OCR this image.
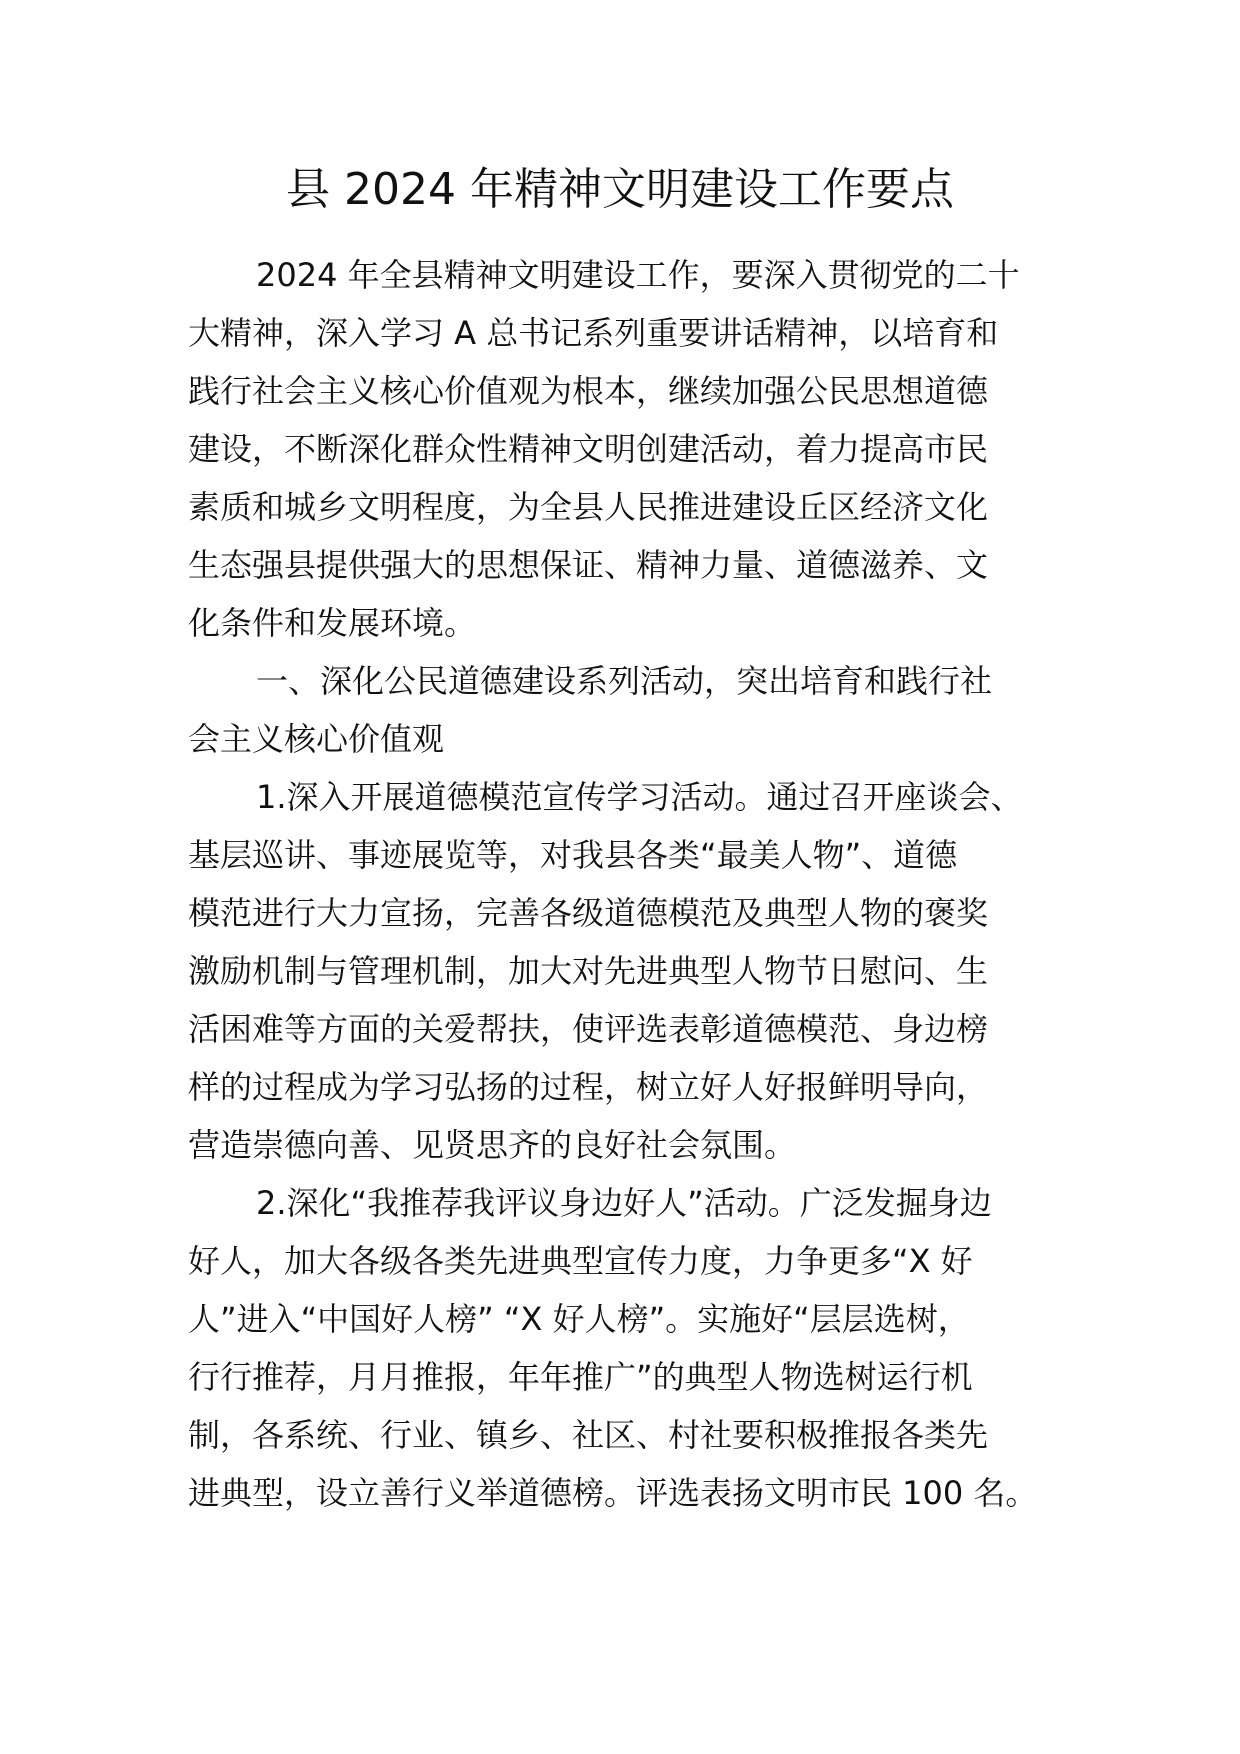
县 2024 年精神文明建设工作要点
2024 年全县精神文明建设工作，要深入贯彻党的二十
大精神，深入学习 A 总书记系列重要讲话精神，以培育和
践行社会主义核心价值观为根本，继续加强公民思想道德
建设，不断深化群众性精神文明创建活动，着力提高市民
素质和城乡文明程度，为全县人民推进建设丘区经济文化
生态强县提供强大的思想保证、精神力量、道德滋养、文
化条件和发展环境。
一、深化公民道德建设系列活动，突出培育和践行社
会主义核心价值观
1.深入开展道德模范宣传学习活动。通过召开座谈会、
基层巡讲、事迹展览等，对我县各类“最美人物”、道德
模范进行大力宣扬，完善各级道德模范及典型人物的褒奖
激励机制与管理机制，加大对先进典型人物节日慰问、生
活困难等方面的关爱帮扶，使评选表彰道德模范、身边榜
样的过程成为学习弘扬的过程，树立好人好报鲜明导向，
营造崇德向善、见贤思齐的良好社会氛围。
2.深化“我推荐我评议身边好人”活动。广泛发掘身边
好人，加大各级各类先进典型宣传力度，力争更多“X 好
人”进入“中国好人榜” “X 好人榜”。实施好“层层选树，
行行推荐，月月推报，年年推广”的典型人物选树运行机
制，各系统、行业、镇乡、社区、村社要积极推报各类先
进典型，设立善行义举道德榜。评选表扬文明市民 100 名。
